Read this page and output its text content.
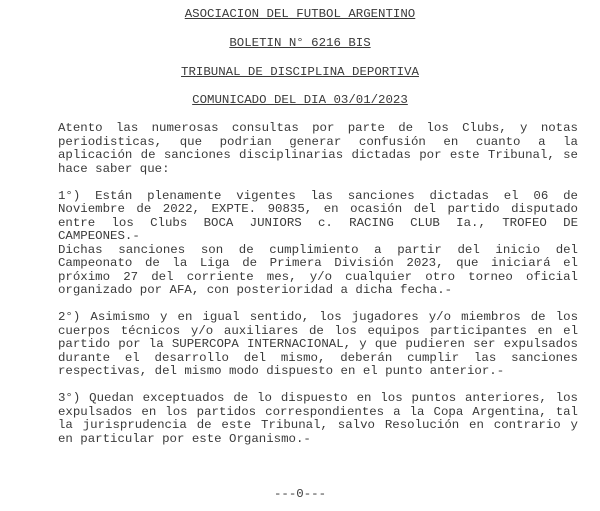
ASOCIACION DEL FUTBOL ARGENTINO
BOLETIN N° 6216 BIS
TRIBUNAL DE DISCIPLINA DEPORTIVA
COMUNICADO DEL DIA 03/01/2023
Atento las numerosas consultas por parte de los Clubs, y notas
periodisticas, que podrian generar confusión en cuanto a la
aplicación de sanciones disciplinarias dictadas por este Tribunal, se
hace saber que:
1°) Están plenamente vigentes las sanciones dictadas el 06 de
Noviembre de 2022, EXPTE. 90835, en ocasión del partido disputado
entre los Clubs BOCA JUNIORS c. RACING CLUB Ia., TROFEO DE
CAMPEONES.-
Dichas sanciones son de cumplimiento a partir del inicio del
Campeonato de la Liga de Primera División 2023, que iniciará el
próximo 27 del corriente mes, y/o cualquier otro torneo oficial
organizado por AFA, con posterioridad a dicha fecha.-
2°) Asimismo y en igual sentido, los jugadores y/o miembros de los
cuerpos técnicos y/o auxiliares de los equipos participantes en el
partido por la SUPERCOPA INTERNACIONAL, y que pudieren ser expulsados
durante el desarrollo del mismo, deberán cumplir las sanciones
respectivas, del mismo modo dispuesto en el punto anterior.-
3°) Quedan exceptuados de lo dispuesto en los puntos anteriores, los
expulsados en los partidos correspondientes a la Copa Argentina, tal
la jurisprudencia de este Tribunal, salvo Resolución en contrario y
en particular por este Organismo.-
---0---
